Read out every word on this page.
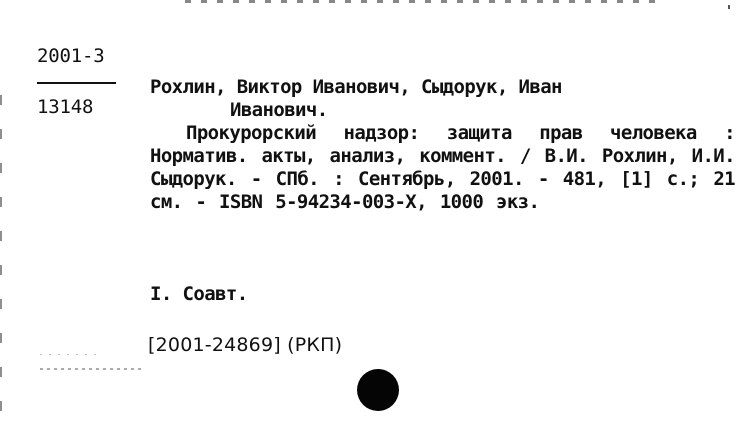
2001-3
13148
Рохлин, Виктор Иванович, Сыдорук, Иван
Иванович.
Прокурорский надзор: защита прав человека : Норматив. акты, анализ, коммент. / В.И. Рохлин, И.И. Сыдорук. - СПб. : Сентябрь, 2001. - 481, [1] с.; 21 см. - ISBN 5-94234-003-X, 1000 экз.
I. Соавт.
[2001-24869] (РКП)
